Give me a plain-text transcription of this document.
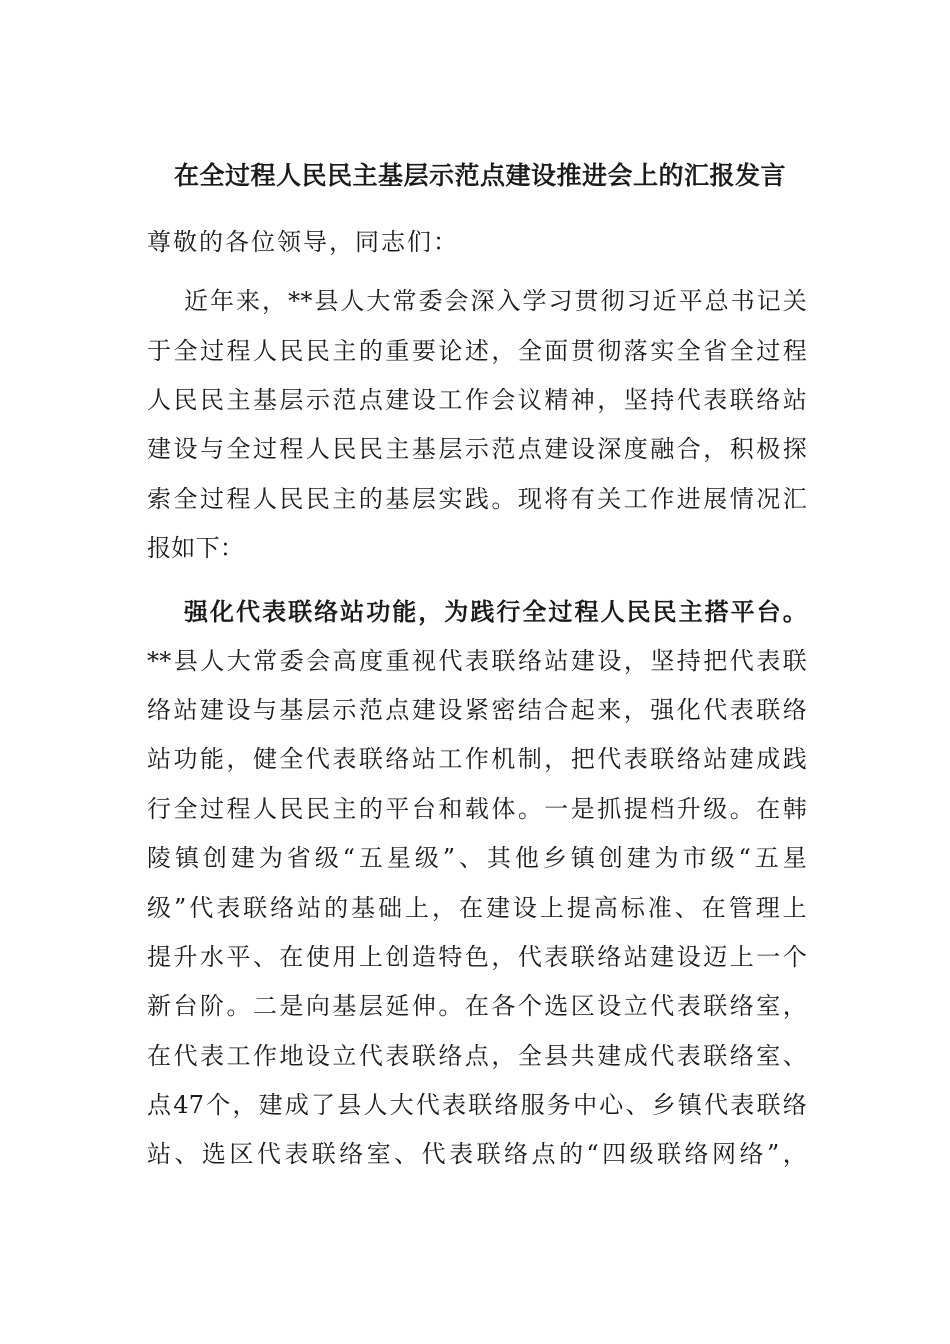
在全过程人民民主基层示范点建设推进会上的汇报发言

尊敬的各位领导，同志们：

近年来，**县人大常委会深入学习贯彻习近平总书记关

于全过程人民民主的重要论述，全面贯彻落实全省全过程

人民民主基层示范点建设工作会议精神，坚持代表联络站

建设与全过程人民民主基层示范点建设深度融合，积极探

索全过程人民民主的基层实践。现将有关工作进展情况汇

报如下：

强化代表联络站功能，为践行全过程人民民主搭平台。

**县人大常委会高度重视代表联络站建设，坚持把代表联

络站建设与基层示范点建设紧密结合起来，强化代表联络

站功能，健全代表联络站工作机制，把代表联络站建成践

行全过程人民民主的平台和载体。一是抓提档升级。在韩

陵镇创建为省级“五星级”、其他乡镇创建为市级“五星

级”代表联络站的基础上，在建设上提高标准、在管理上

提升水平、在使用上创造特色，代表联络站建设迈上一个

新台阶。二是向基层延伸。在各个选区设立代表联络室，

在代表工作地设立代表联络点，全县共建成代表联络室、

点47个，建成了县人大代表联络服务中心、乡镇代表联络

站、选区代表联络室、代表联络点的“四级联络网络”，
